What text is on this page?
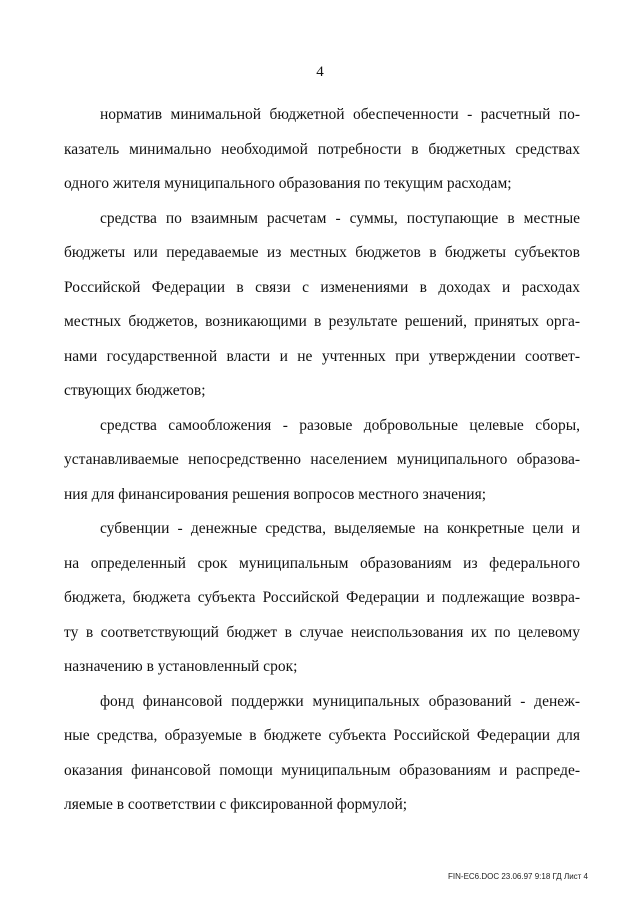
4
норматив минимальной бюджетной обеспеченности - расчетный по-
казатель минимально необходимой потребности в бюджетных средствах
одного жителя муниципального образования по текущим расходам;
средства по взаимным расчетам - суммы, поступающие в местные
бюджеты или передаваемые из местных бюджетов в бюджеты субъектов
Российской Федерации в связи с изменениями в доходах и расходах
местных бюджетов, возникающими в результате решений, принятых орга-
нами государственной власти и не учтенных при утверждении соответ-
ствующих бюджетов;
средства самообложения - разовые добровольные целевые сборы,
устанавливаемые непосредственно населением муниципального образова-
ния для финансирования решения вопросов местного значения;
субвенции - денежные средства, выделяемые на конкретные цели и
на определенный срок муниципальным образованиям из федерального
бюджета, бюджета субъекта Российской Федерации и подлежащие возвра-
ту в соответствующий бюджет в случае неиспользования их по целевому
назначению в установленный срок;
фонд финансовой поддержки муниципальных образований - денеж-
ные средства, образуемые в бюджете субъекта Российской Федерации для
оказания финансовой помощи муниципальным образованиям и распреде-
ляемые в соответствии с фиксированной формулой;
FIN-EC6.DOC 23.06.97 9:18 ГД Лист 4
